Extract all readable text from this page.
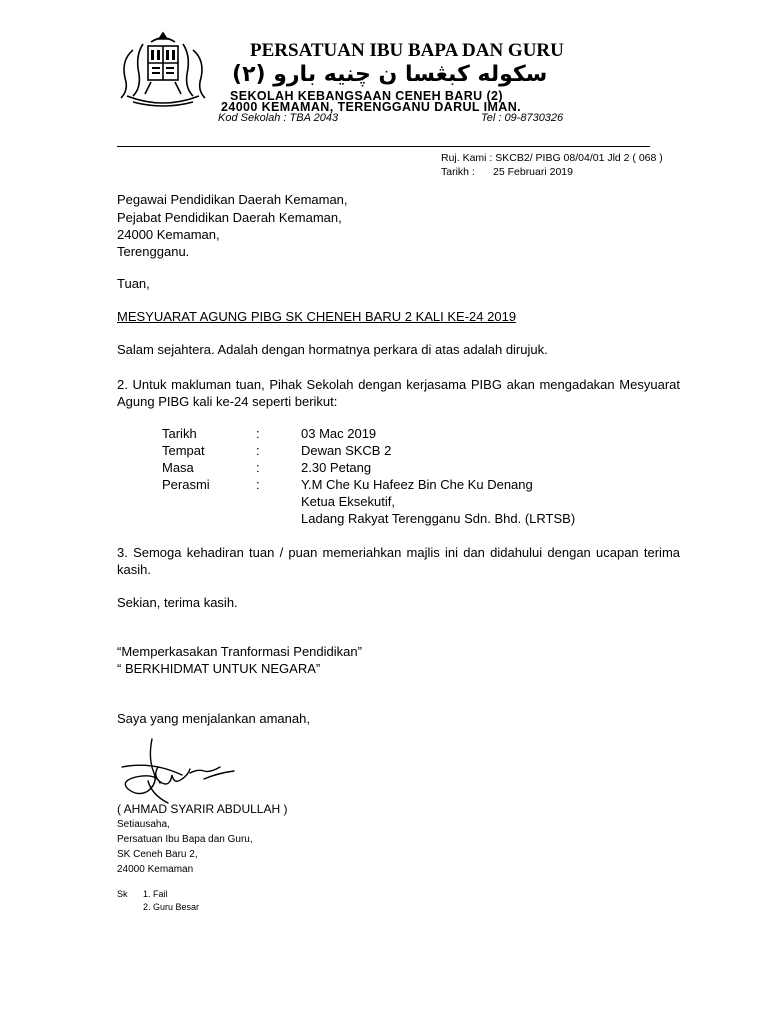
PERSATUAN IBU BAPA DAN GURU
سکوله کبڠسا ن چنيه بارو (٢)
SEKOLAH KEBANGSAAN CENEH BARU (2)
24000 KEMAMAN, TERENGGANU DARUL IMAN.
Kod Sekolah : TBA 2043	Tel : 09-8730326
Ruj. Kami : SKCB2/ PIBG 08/04/01 Jld 2 ( 068 )
Tarikh : 25 Februari 2019
Pegawai Pendidikan Daerah Kemaman,
Pejabat Pendidikan Daerah Kemaman,
24000 Kemaman,
Terengganu.
Tuan,
MESYUARAT AGUNG PIBG SK CHENEH BARU 2 KALI KE-24 2019
Salam sejahtera. Adalah dengan hormatnya perkara di atas adalah dirujuk.
2. Untuk makluman tuan, Pihak Sekolah dengan kerjasama PIBG akan mengadakan Mesyuarat Agung PIBG kali ke-24 seperti berikut:
Tarikh	:	03 Mac 2019
Tempat	:	Dewan SKCB 2
Masa	:	2.30 Petang
Perasmi	:	Y.M Che Ku Hafeez Bin Che Ku Denang
Ketua Eksekutif,
Ladang Rakyat Terengganu Sdn. Bhd. (LRTSB)
3. Semoga kehadiran tuan / puan memeriahkan majlis ini dan didahului dengan ucapan terima kasih.
Sekian, terima kasih.
“Memperkasakan Tranformasi Pendidikan”
“ BERKHIDMAT UNTUK NEGARA”
Saya yang menjalankan amanah,
( AHMAD SYARIR ABDULLAH )
Setiausaha,
Persatuan Ibu Bapa dan Guru,
SK Ceneh Baru 2,
24000 Kemaman
Sk 1. Fail
2. Guru Besar
